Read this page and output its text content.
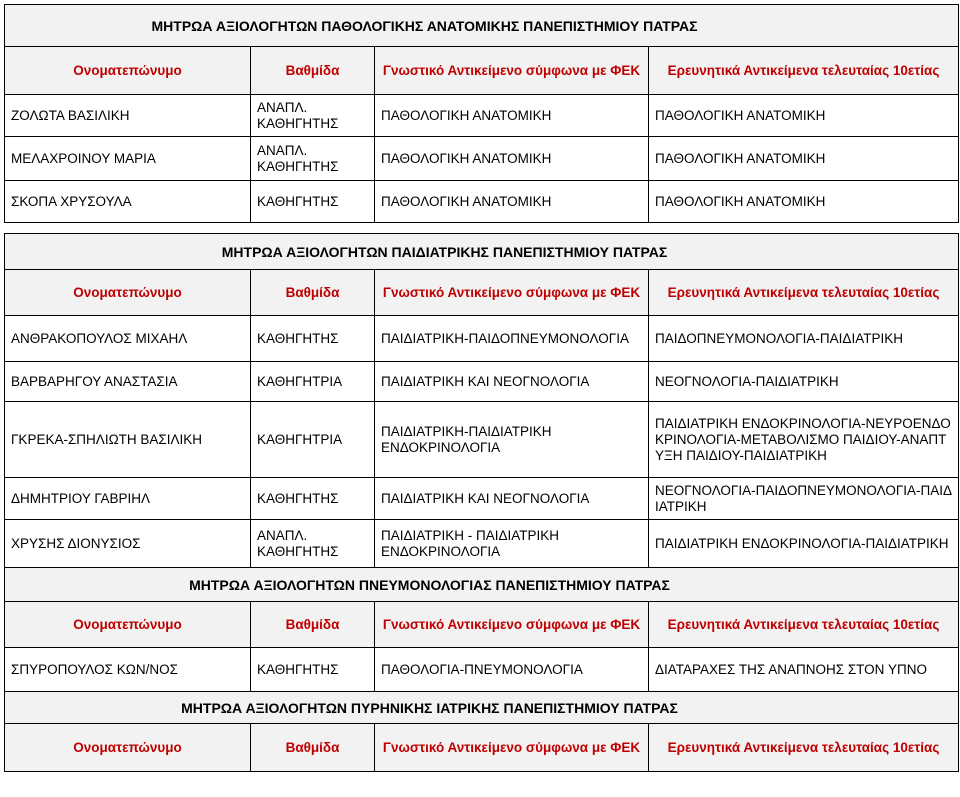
ΜΗΤΡΩΑ ΑΞΙΟΛΟΓΗΤΩΝ ΠΑΘΟΛΟΓΙΚΗΣ ΑΝΑΤΟΜΙΚΗΣ ΠΑΝΕΠΙΣΤΗΜΙΟΥ ΠΑΤΡΑΣ			
Ονοματεπώνυμο	Βαθμίδα	Γνωστικό Αντικείμενο σύμφωνα με ΦΕΚ	Ερευνητικά Αντικείμενα τελευταίας 10ετίας
ΖΟΛΩΤΑ ΒΑΣΙΛΙΚΗ	ΑΝΑΠΛ. ΚΑΘΗΓΗΤΗΣ	ΠΑΘΟΛΟΓΙΚΗ ΑΝΑΤΟΜΙΚΗ	ΠΑΘΟΛΟΓΙΚΗ ΑΝΑΤΟΜΙΚΗ
ΜΕΛΑΧΡΟΙΝΟΥ ΜΑΡΙΑ	ΑΝΑΠΛ. ΚΑΘΗΓΗΤΗΣ	ΠΑΘΟΛΟΓΙΚΗ ΑΝΑΤΟΜΙΚΗ	ΠΑΘΟΛΟΓΙΚΗ ΑΝΑΤΟΜΙΚΗ
ΣΚΟΠΑ ΧΡΥΣΟΥΛΑ	ΚΑΘΗΓΗΤΗΣ	ΠΑΘΟΛΟΓΙΚΗ ΑΝΑΤΟΜΙΚΗ	ΠΑΘΟΛΟΓΙΚΗ ΑΝΑΤΟΜΙΚΗ

ΜΗΤΡΩΑ ΑΞΙΟΛΟΓΗΤΩΝ ΠΑΙΔΙΑΤΡΙΚΗΣ ΠΑΝΕΠΙΣΤΗΜΙΟΥ ΠΑΤΡΑΣ			
Ονοματεπώνυμο	Βαθμίδα	Γνωστικό Αντικείμενο σύμφωνα με ΦΕΚ	Ερευνητικά Αντικείμενα τελευταίας 10ετίας
ΑΝΘΡΑΚΟΠΟΥΛΟΣ ΜΙΧΑΗΛ	ΚΑΘΗΓΗΤΗΣ	ΠΑΙΔΙΑΤΡΙΚΗ-ΠΑΙΔΟΠΝΕΥΜΟΝΟΛΟΓΙΑ	ΠΑΙΔΟΠΝΕΥΜΟΝΟΛΟΓΙΑ-ΠΑΙΔΙΑΤΡΙΚΗ
ΒΑΡΒΑΡΗΓΟΥ ΑΝΑΣΤΑΣΙΑ	ΚΑΘΗΓΗΤΡΙΑ	ΠΑΙΔΙΑΤΡΙΚΗ ΚΑΙ ΝΕΟΓΝΟΛΟΓΙΑ	ΝΕΟΓΝΟΛΟΓΙΑ-ΠΑΙΔΙΑΤΡΙΚΗ
ΓΚΡΕΚΑ-ΣΠΗΛΙΩΤΗ ΒΑΣΙΛΙΚΗ	ΚΑΘΗΓΗΤΡΙΑ	ΠΑΙΔΙΑΤΡΙΚΗ-ΠΑΙΔΙΑΤΡΙΚΗ ΕΝΔΟΚΡΙΝΟΛΟΓΙΑ	ΠΑΙΔΙΑΤΡΙΚΗ ΕΝΔΟΚΡΙΝΟΛΟΓΙΑ-ΝΕΥΡΟΕΝΔΟΚΡΙΝΟΛΟΓΙΑ-ΜΕΤΑΒΟΛΙΣΜΟ ΠΑΙΔΙΟΥ-ΑΝΑΠΤΥΞΗ ΠΑΙΔΙΟΥ-ΠΑΙΔΙΑΤΡΙΚΗ
ΔΗΜΗΤΡΙΟΥ ΓΑΒΡΙΗΛ	ΚΑΘΗΓΗΤΗΣ	ΠΑΙΔΙΑΤΡΙΚΗ ΚΑΙ ΝΕΟΓΝΟΛΟΓΙΑ	ΝΕΟΓΝΟΛΟΓΙΑ-ΠΑΙΔΟΠΝΕΥΜΟΝΟΛΟΓΙΑ-ΠΑΙΔΙΑΤΡΙΚΗ
ΧΡΥΣΗΣ ΔΙΟΝΥΣΙΟΣ	ΑΝΑΠΛ. ΚΑΘΗΓΗΤΗΣ	ΠΑΙΔΙΑΤΡΙΚΗ - ΠΑΙΔΙΑΤΡΙΚΗ ΕΝΔΟΚΡΙΝΟΛΟΓΙΑ	ΠΑΙΔΙΑΤΡΙΚΗ ΕΝΔΟΚΡΙΝΟΛΟΓΙΑ-ΠΑΙΔΙΑΤΡΙΚΗ
ΜΗΤΡΩΑ ΑΞΙΟΛΟΓΗΤΩΝ ΠΝΕΥΜΟΝΟΛΟΓΙΑΣ ΠΑΝΕΠΙΣΤΗΜΙΟΥ ΠΑΤΡΑΣ			
Ονοματεπώνυμο	Βαθμίδα	Γνωστικό Αντικείμενο σύμφωνα με ΦΕΚ	Ερευνητικά Αντικείμενα τελευταίας 10ετίας
ΣΠΥΡΟΠΟΥΛΟΣ ΚΩΝ/ΝΟΣ	ΚΑΘΗΓΗΤΗΣ	ΠΑΘΟΛΟΓΙΑ-ΠΝΕΥΜΟΝΟΛΟΓΙΑ	ΔΙΑΤΑΡΑΧΕΣ ΤΗΣ ΑΝΑΠΝΟΗΣ ΣΤΟΝ ΥΠΝΟ
ΜΗΤΡΩΑ ΑΞΙΟΛΟΓΗΤΩΝ ΠΥΡΗΝΙΚΗΣ ΙΑΤΡΙΚΗΣ ΠΑΝΕΠΙΣΤΗΜΙΟΥ ΠΑΤΡΑΣ			
Ονοματεπώνυμο	Βαθμίδα	Γνωστικό Αντικείμενο σύμφωνα με ΦΕΚ	Ερευνητικά Αντικείμενα τελευταίας 10ετίας
